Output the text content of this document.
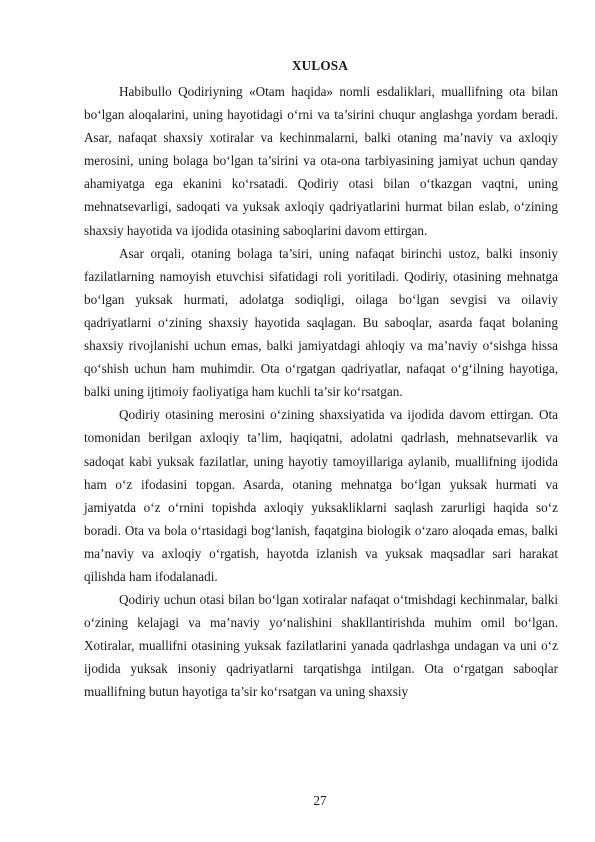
XULOSA

Habibullo Qodiriyning «Otam haqida» nomli esdaliklari, muallifning ota bilan bo‘lgan aloqalarini, uning hayotidagi o‘rni va ta’sirini chuqur anglashga yordam beradi. Asar, nafaqat shaxsiy xotiralar va kechinmalarni, balki otaning ma’naviy va axloqiy merosini, uning bolaga bo‘lgan ta’sirini va ota-ona tarbiyasining jamiyat uchun qanday ahamiyatga ega ekanini ko‘rsatadi. Qodiriy otasi bilan o‘tkazgan vaqtni, uning mehnatsevarligi, sadoqati va yuksak axloqiy qadriyatlarini hurmat bilan eslab, o‘zining shaxsiy hayotida va ijodida otasining saboqlarini davom ettirgan.

Asar orqali, otaning bolaga ta’siri, uning nafaqat birinchi ustoz, balki insoniy fazilatlarning namoyish etuvchisi sifatidagi roli yoritiladi. Qodiriy, otasining mehnatga bo‘lgan yuksak hurmati, adolatga sodiqligi, oilaga bo‘lgan sevgisi va oilaviy qadriyatlarni o‘zining shaxsiy hayotida saqlagan. Bu saboqlar, asarda faqat bolaning shaxsiy rivojlanishi uchun emas, balki jamiyatdagi ahloqiy va ma’naviy o‘sishga hissa qo‘shish uchun ham muhimdir. Ota o‘rgatgan qadriyatlar, nafaqat o‘g‘ilning hayotiga, balki uning ijtimoiy faoliyatiga ham kuchli ta’sir ko‘rsatgan.

Qodiriy otasining merosini o‘zining shaxsiyatida va ijodida davom ettirgan. Ota tomonidan berilgan axloqiy ta’lim, haqiqatni, adolatni qadrlash, mehnatsevarlik va sadoqat kabi yuksak fazilatlar, uning hayotiy tamoyillariga aylanib, muallifning ijodida ham o‘z ifodasini topgan. Asarda, otaning mehnatga bo‘lgan yuksak hurmati va jamiyatda o‘z o‘rnini topishda axloqiy yuksakliklarni saqlash zarurligi haqida so‘z boradi. Ota va bola o‘rtasidagi bog‘lanish, faqatgina biologik o‘zaro aloqada emas, balki ma’naviy va axloqiy o‘rgatish, hayotda izlanish va yuksak maqsadlar sari harakat qilishda ham ifodalanadi.

Qodiriy uchun otasi bilan bo‘lgan xotiralar nafaqat o‘tmishdagi kechinmalar, balki o‘zining kelajagi va ma’naviy yo‘nalishini shakllantirishda muhim omil bo‘lgan. Xotiralar, muallifni otasining yuksak fazilatlarini yanada qadrlashga undagan va uni o‘z ijodida yuksak insoniy qadriyatlarni tarqatishga intilgan. Ota o‘rgatgan saboqlar muallifning butun hayotiga ta’sir ko‘rsatgan va uning shaxsiy

27
